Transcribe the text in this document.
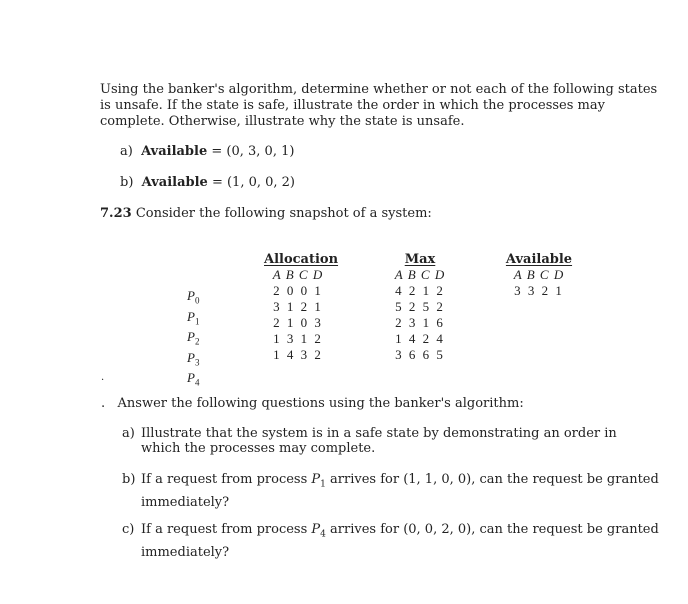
Using the banker's algorithm, determine whether or not each of the following states
is unsafe. If the state is safe, illustrate the order in which the processes may
complete. Otherwise, illustrate why the state is unsafe.
a) Available = (0, 3, 0, 1)
b) Available = (1, 0, 0, 2)
7.23 Consider the following snapshot of a system:
$P_0$
$P_1$
$P_2$
$P_3$
$P_4$
Allocation
A B C D
2 0 0 1
3 1 2 1
2 1 0 3
1 3 1 2
1 4 3 2
Max
A B C D
4 2 1 2
5 2 5 2
2 3 1 6
1 4 2 4
3 6 6 5
Available
A B C D
3 3 2 1
.
. Answer the following questions using the banker's algorithm:
a) Illustrate that the system is in a safe state by demonstrating an order in
which the processes may complete.
b) If a request from process $P_1$ arrives for (1, 1, 0, 0), can the request be granted
immediately?
c) If a request from process $P_4$ arrives for (0, 0, 2, 0), can the request be granted
immediately?
